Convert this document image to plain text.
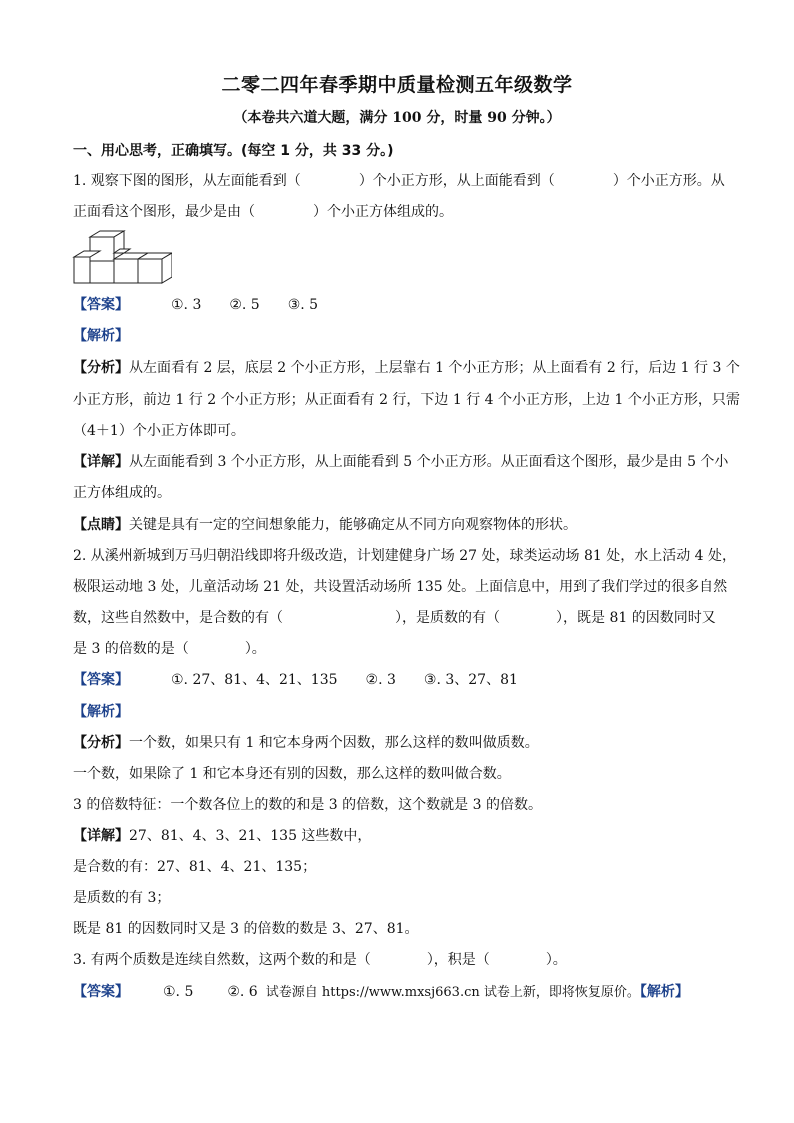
二零二四年春季期中质量检测五年级数学
（本卷共六道大题，满分 100 分，时量 90 分钟。）
一、用心思考，正确填写。(每空 1 分，共 33 分。)
1. 观察下图的图形，从左面能看到（	）个小正方形，从上面能看到（	）个小正方形。从
正面看这个图形，最少是由（	）个小正方体组成的。
【答案】	①. 3 ②. 5 ③. 5
【解析】
【分析】从左面看有 2 层，底层 2 个小正方形，上层靠右 1 个小正方形；从上面看有 2 行，后边 1 行 3 个
小正方形，前边 1 行 2 个小正方形；从正面看有 2 行，下边 1 行 4 个小正方形，上边 1 个小正方形，只需
（4＋1）个小正方体即可。
【详解】从左面能看到 3 个小正方形，从上面能看到 5 个小正方形。从正面看这个图形，最少是由 5 个小
正方体组成的。
【点睛】关键是具有一定的空间想象能力，能够确定从不同方向观察物体的形状。
2. 从溪州新城到万马归朝沿线即将升级改造，计划建健身广场 27 处，球类运动场 81 处，水上活动 4 处，
极限运动地 3 处，儿童活动场 21 处，共设置活动场所 135 处。上面信息中，用到了我们学过的很多自然
数，这些自然数中，是合数的有（	），是质数的有（	），既是 81 的因数同时又
是 3 的倍数的是（	）。
【答案】	①. 27、81、4、21、135 ②. 3 ③. 3、27、81
【解析】
【分析】一个数，如果只有 1 和它本身两个因数，那么这样的数叫做质数。
一个数，如果除了 1 和它本身还有别的因数，那么这样的数叫做合数。
3 的倍数特征：一个数各位上的数的和是 3 的倍数，这个数就是 3 的倍数。
【详解】27、81、4、3、21、135 这些数中，
是合数的有：27、81、4、21、135；
是质数的有 3；
既是 81 的因数同时又是 3 的倍数的数是 3、27、81。
3. 有两个质数是连续自然数，这两个数的和是（	），积是（	）。
【答案】 ①. 5 ②. 6 试卷源自 https://www.mxsj663.cn 试卷上新，即将恢复原价。【解析】
